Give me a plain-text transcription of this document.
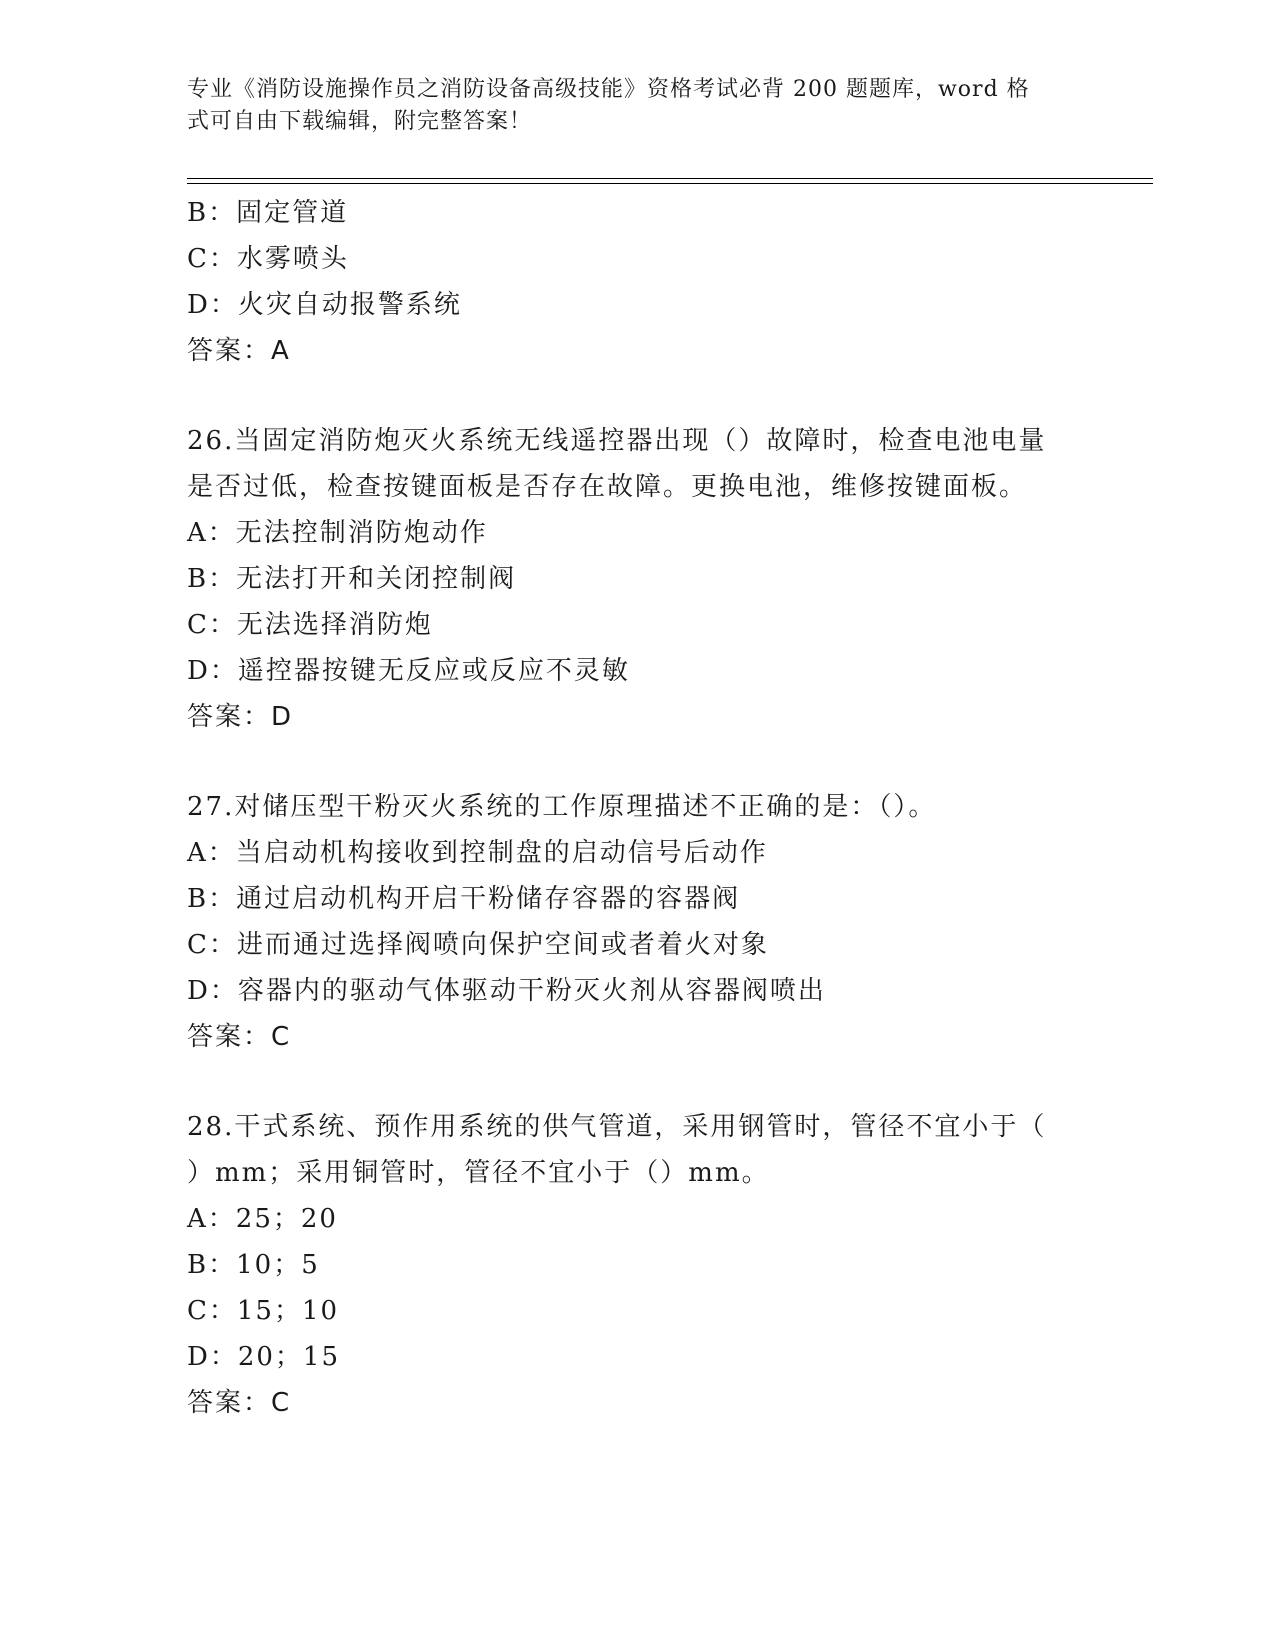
专业《消防设施操作员之消防设备高级技能》资格考试必背 200 题题库，word 格
式可自由下载编辑，附完整答案！
B：固定管道
C：水雾喷头
D：火灾自动报警系统
答案：A
26.当固定消防炮灭火系统无线遥控器出现（）故障时，检查电池电量
是否过低，检查按键面板是否存在故障。更换电池，维修按键面板。
A：无法控制消防炮动作
B：无法打开和关闭控制阀
C：无法选择消防炮
D：遥控器按键无反应或反应不灵敏
答案：D
27.对储压型干粉灭火系统的工作原理描述不正确的是：（）。
A：当启动机构接收到控制盘的启动信号后动作
B：通过启动机构开启干粉储存容器的容器阀
C：进而通过选择阀喷向保护空间或者着火对象
D：容器内的驱动气体驱动干粉灭火剂从容器阀喷出
答案：C
28.干式系统、预作用系统的供气管道，采用钢管时，管径不宜小于（
）mm；采用铜管时，管径不宜小于（）mm。
A：25；20
B：10；5
C：15；10
D：20；15
答案：C
